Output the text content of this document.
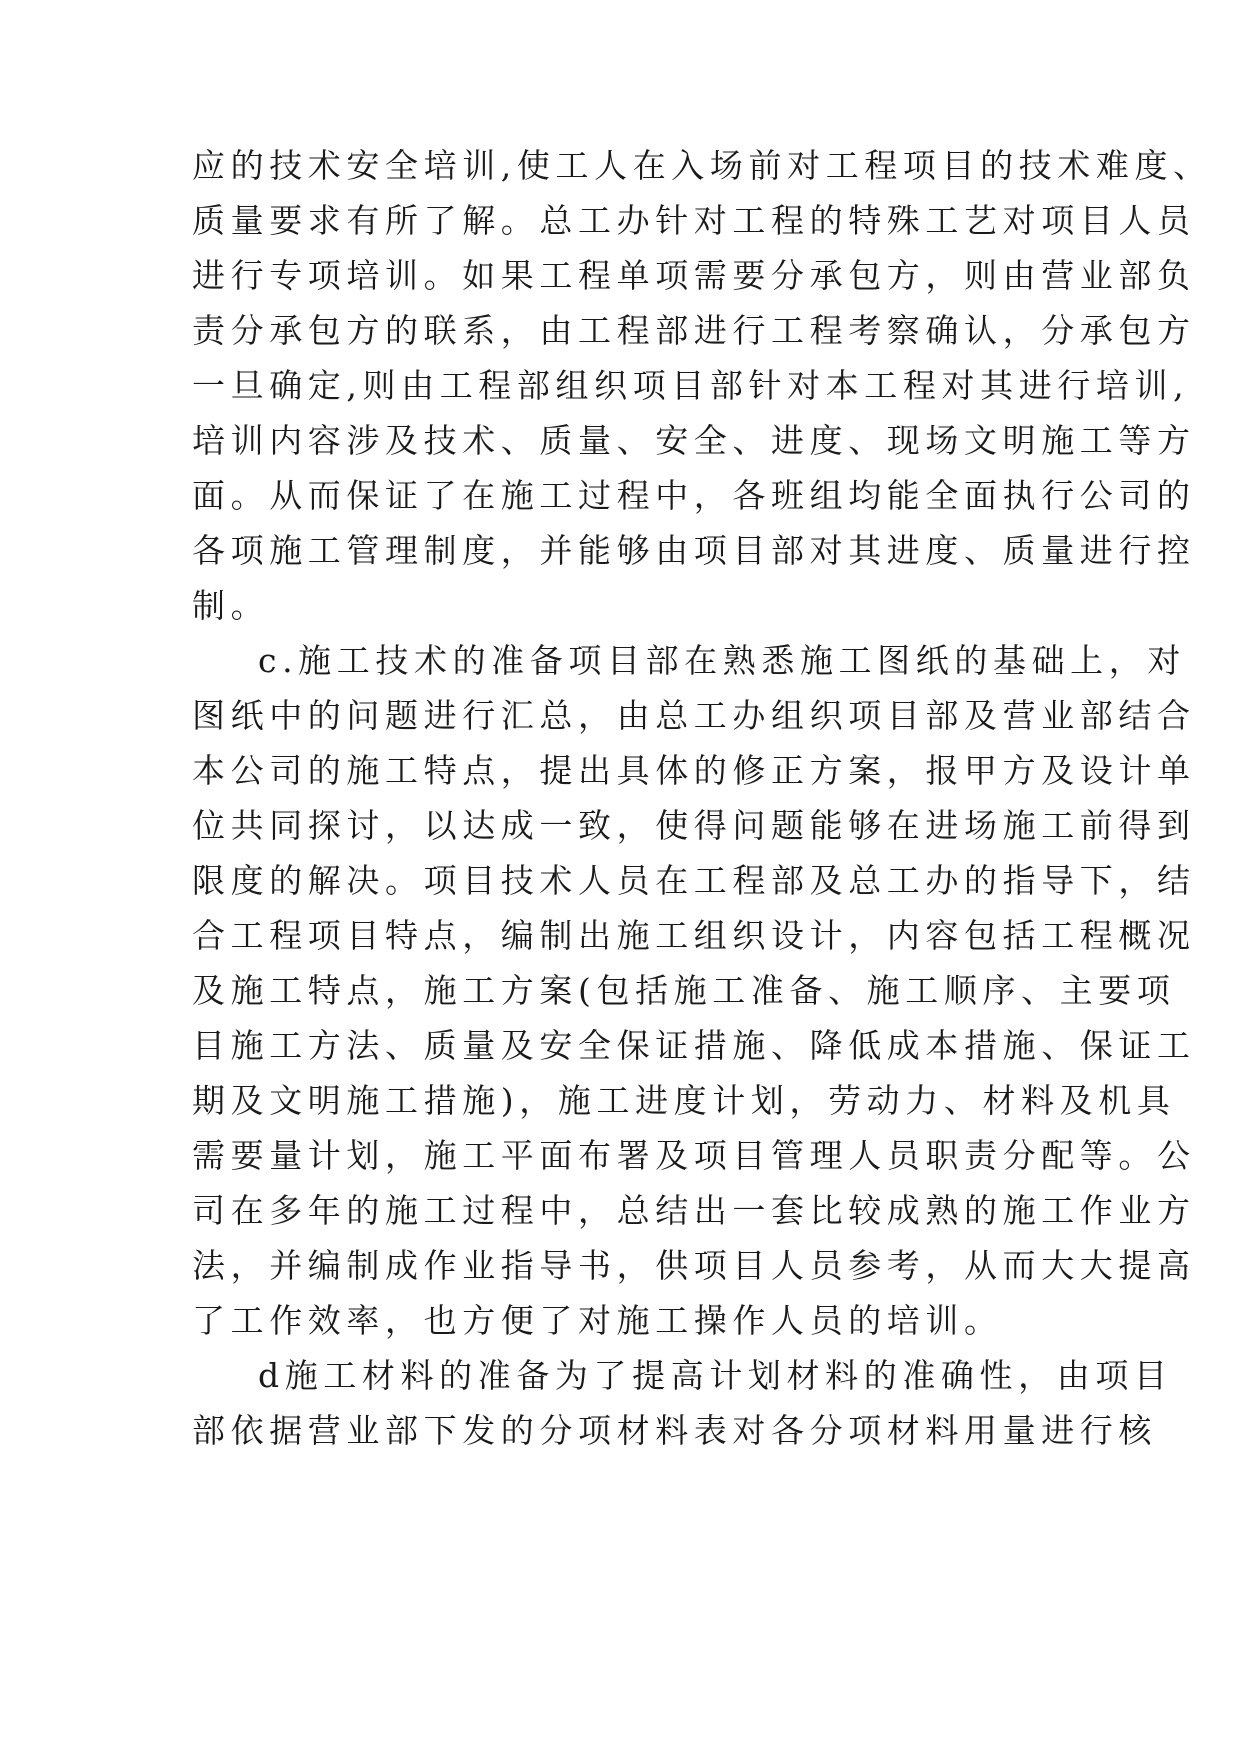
应的技术安全培训,使工人在入场前对工程项目的技术难度、
质量要求有所了解。总工办针对工程的特殊工艺对项目人员
进行专项培训。如果工程单项需要分承包方，则由营业部负
责分承包方的联系，由工程部进行工程考察确认，分承包方
一旦确定,则由工程部组织项目部针对本工程对其进行培训,
培训内容涉及技术、质量、安全、进度、现场文明施工等方
面。从而保证了在施工过程中，各班组均能全面执行公司的
各项施工管理制度，并能够由项目部对其进度、质量进行控
制。
c.施工技术的准备项目部在熟悉施工图纸的基础上，对
图纸中的问题进行汇总，由总工办组织项目部及营业部结合
本公司的施工特点，提出具体的修正方案，报甲方及设计单
位共同探讨，以达成一致，使得问题能够在进场施工前得到
限度的解决。项目技术人员在工程部及总工办的指导下，结
合工程项目特点，编制出施工组织设计，内容包括工程概况
及施工特点，施工方案(包括施工准备、施工顺序、主要项
目施工方法、质量及安全保证措施、降低成本措施、保证工
期及文明施工措施)，施工进度计划，劳动力、材料及机具
需要量计划，施工平面布署及项目管理人员职责分配等。公
司在多年的施工过程中，总结出一套比较成熟的施工作业方
法，并编制成作业指导书，供项目人员参考，从而大大提高
了工作效率，也方便了对施工操作人员的培训。
d施工材料的准备为了提高计划材料的准确性，由项目
部依据营业部下发的分项材料表对各分项材料用量进行核
